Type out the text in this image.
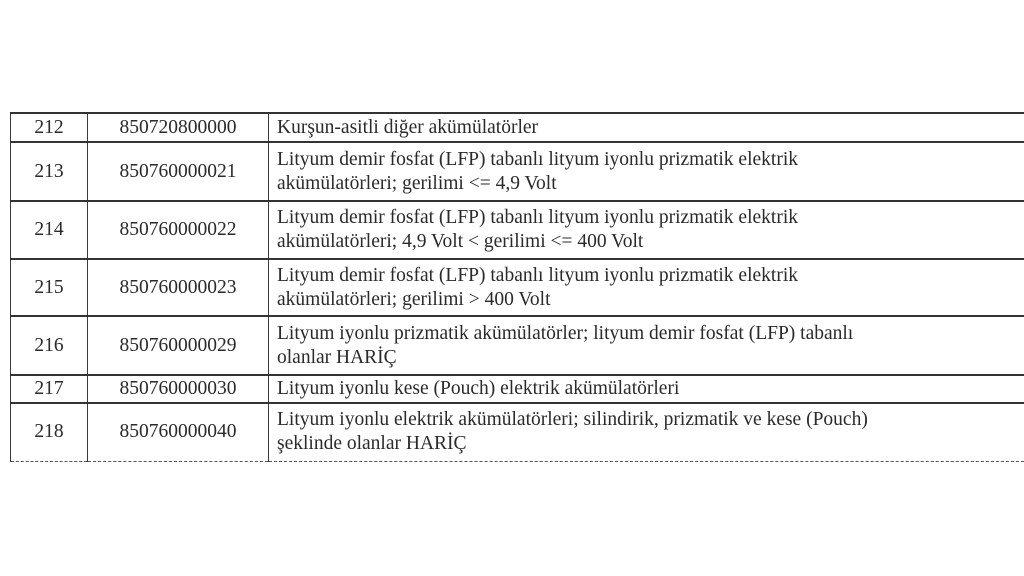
212	850720800000	Kurşun-asitli diğer akümülatörler

213	850760000021	Lityum demir fosfat (LFP) tabanlı lityum iyonlu prizmatik elektrik
akümülatörleri; gerilimi <= 4,9 Volt

214	850760000022	Lityum demir fosfat (LFP) tabanlı lityum iyonlu prizmatik elektrik
akümülatörleri; 4,9 Volt < gerilimi <= 400 Volt

215	850760000023	Lityum demir fosfat (LFP) tabanlı lityum iyonlu prizmatik elektrik
akümülatörleri; gerilimi > 400 Volt

216	850760000029	Lityum iyonlu prizmatik akümülatörler; lityum demir fosfat (LFP) tabanlı
olanlar HARİÇ

217	850760000030	Lityum iyonlu kese (Pouch) elektrik akümülatörleri

218	850760000040	Lityum iyonlu elektrik akümülatörleri; silindirik, prizmatik ve kese (Pouch)
şeklinde olanlar HARİÇ
